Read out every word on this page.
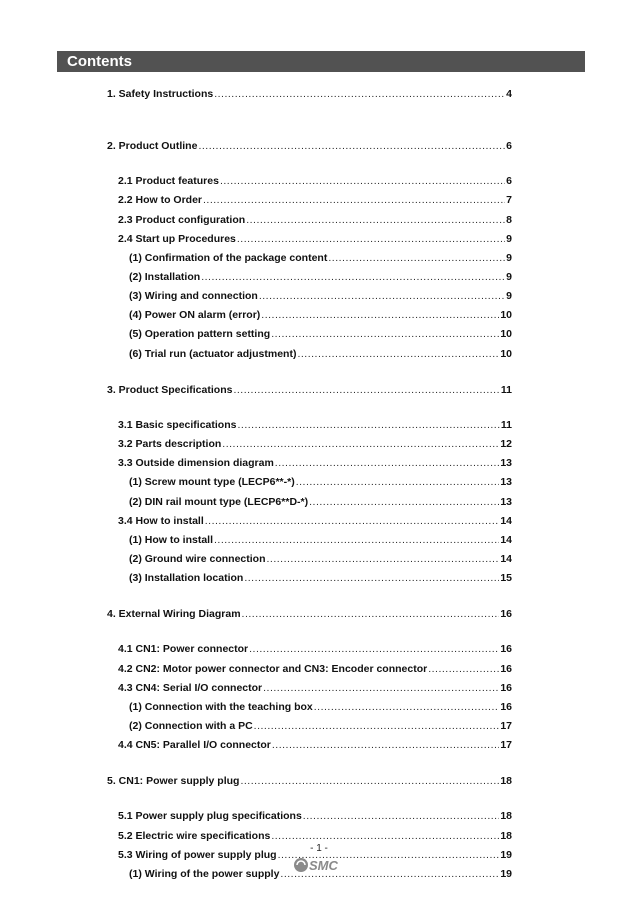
Contents
1. Safety Instructions .....	4
2. Product Outline .....	6
2.1 Product features .....	6
2.2 How to Order .....	7
2.3 Product configuration .....	8
2.4 Start up Procedures .....	9
(1) Confirmation of the package content .....	9
(2) Installation .....	9
(3) Wiring and connection .....	9
(4) Power ON alarm (error) .....	10
(5) Operation pattern setting .....	10
(6) Trial run (actuator adjustment) .....	10
3. Product Specifications .....	11
3.1 Basic specifications .....	11
3.2 Parts description .....	12
3.3 Outside dimension diagram .....	13
(1) Screw mount type (LECP6**-*) .....	13
(2) DIN rail mount type (LECP6**D-*) .....	13
3.4 How to install .....	14
(1) How to install .....	14
(2) Ground wire connection .....	14
(3) Installation location .....	15
4. External Wiring Diagram .....	16
4.1 CN1: Power connector .....	16
4.2 CN2: Motor power connector and CN3: Encoder connector .....	16
4.3 CN4: Serial I/O connector .....	16
(1) Connection with the teaching box .....	16
(2) Connection with a PC .....	17
4.4 CN5: Parallel I/O connector .....	17
5. CN1: Power supply plug .....	18
5.1 Power supply plug specifications .....	18
5.2 Electric wire specifications .....	18
5.3 Wiring of power supply plug .....	19
(1) Wiring of the power supply .....	19
- 1 -
SMC
